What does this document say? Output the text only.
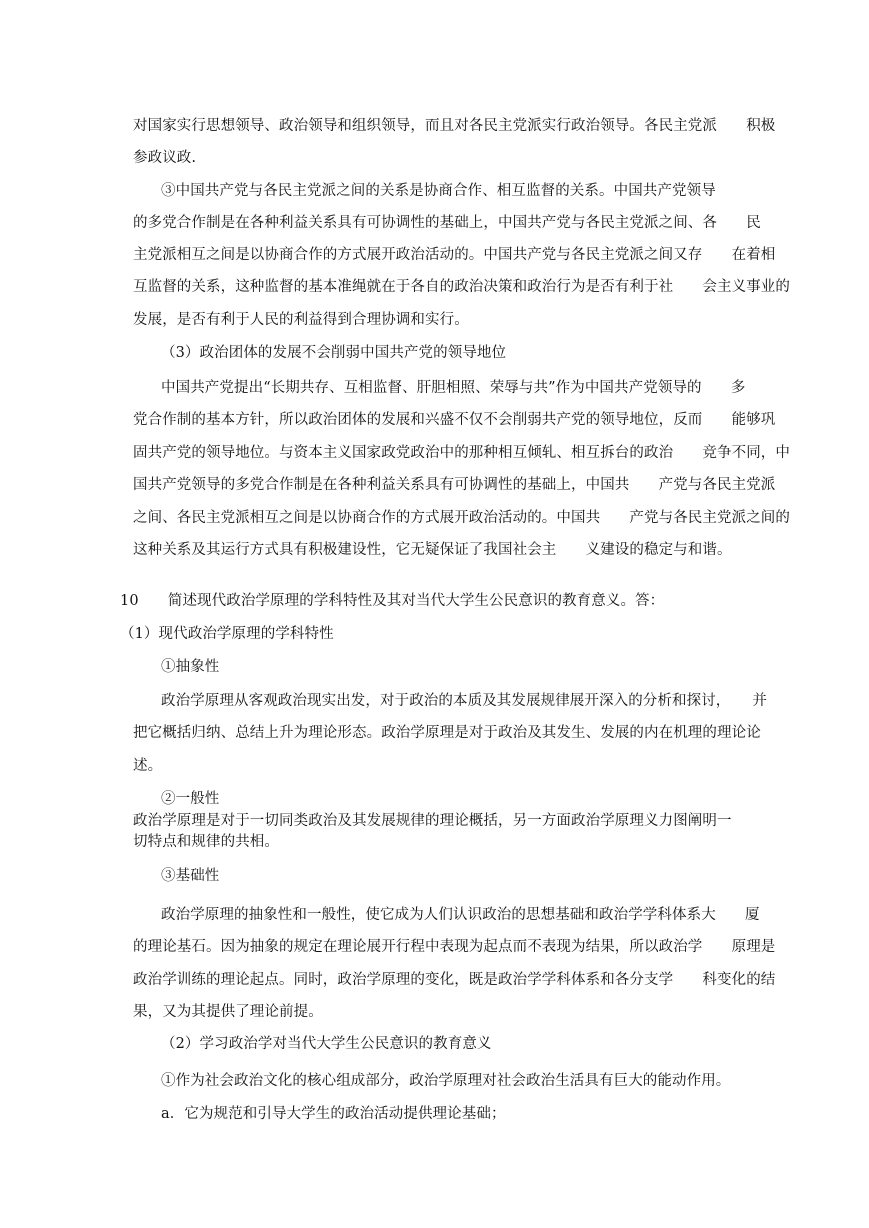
对国家实行思想领导、政治领导和组织领导，而且对各民主党派实行政治领导。各民主党派　　积极
参政议政.
③中国共产党与各民主党派之间的关系是协商合作、相互监督的关系。中国共产党领导
的多党合作制是在各种利益关系具有可协调性的基础上，中国共产党与各民主党派之间、各　　民
主党派相互之间是以协商合作的方式展开政治活动的。中国共产党与各民主党派之间又存　　在着相
互监督的关系，这种监督的基本准绳就在于各自的政治决策和政治行为是否有利于社　　会主义事业的
发展，是否有利于人民的利益得到合理协调和实行。
（3）政治团体的发展不会削弱中国共产党的领导地位
中国共产党提出“长期共存、互相监督、肝胆相照、荣辱与共”作为中国共产党领导的　　多
党合作制的基本方针，所以政治团体的发展和兴盛不仅不会削弱共产党的领导地位，反而　　能够巩
固共产党的领导地位。与资本主义国家政党政治中的那种相互倾轧、相互拆台的政治　　竞争不同，中
国共产党领导的多党合作制是在各种利益关系具有可协调性的基础上，中国共　　产党与各民主党派
之间、各民主党派相互之间是以协商合作的方式展开政治活动的。中国共　　产党与各民主党派之间的
这种关系及其运行方式具有积极建设性，它无疑保证了我国社会主　　义建设的稳定与和谐。
10　　简述现代政治学原理的学科特性及其对当代大学生公民意识的教育意义。答：
（1）现代政治学原理的学科特性
①抽象性
政治学原理从客观政治现实出发，对于政治的本质及其发展规律展开深入的分析和探讨，　　并
把它概括归纳、总结上升为理论形态。政治学原理是对于政治及其发生、发展的内在机理的理论论
述。
②一般性
政治学原理是对于一切同类政治及其发展规律的理论概括，另一方面政治学原理义力图阐明一
切特点和规律的共相。
③基础性
政治学原理的抽象性和一般性，使它成为人们认识政治的思想基础和政治学学科体系大　　厦
的理论基石。因为抽象的规定在理论展开行程中表现为起点而不表现为结果，所以政治学　　原理是
政治学训练的理论起点。同时，政治学原理的变化，既是政治学学科体系和各分支学　　科变化的结
果，又为其提供了理论前提。
（2）学习政治学对当代大学生公民意识的教育意义
①作为社会政治文化的核心组成部分，政治学原理对社会政治生活具有巨大的能动作用。
a．它为规范和引导大学生的政治活动提供理论基础；
